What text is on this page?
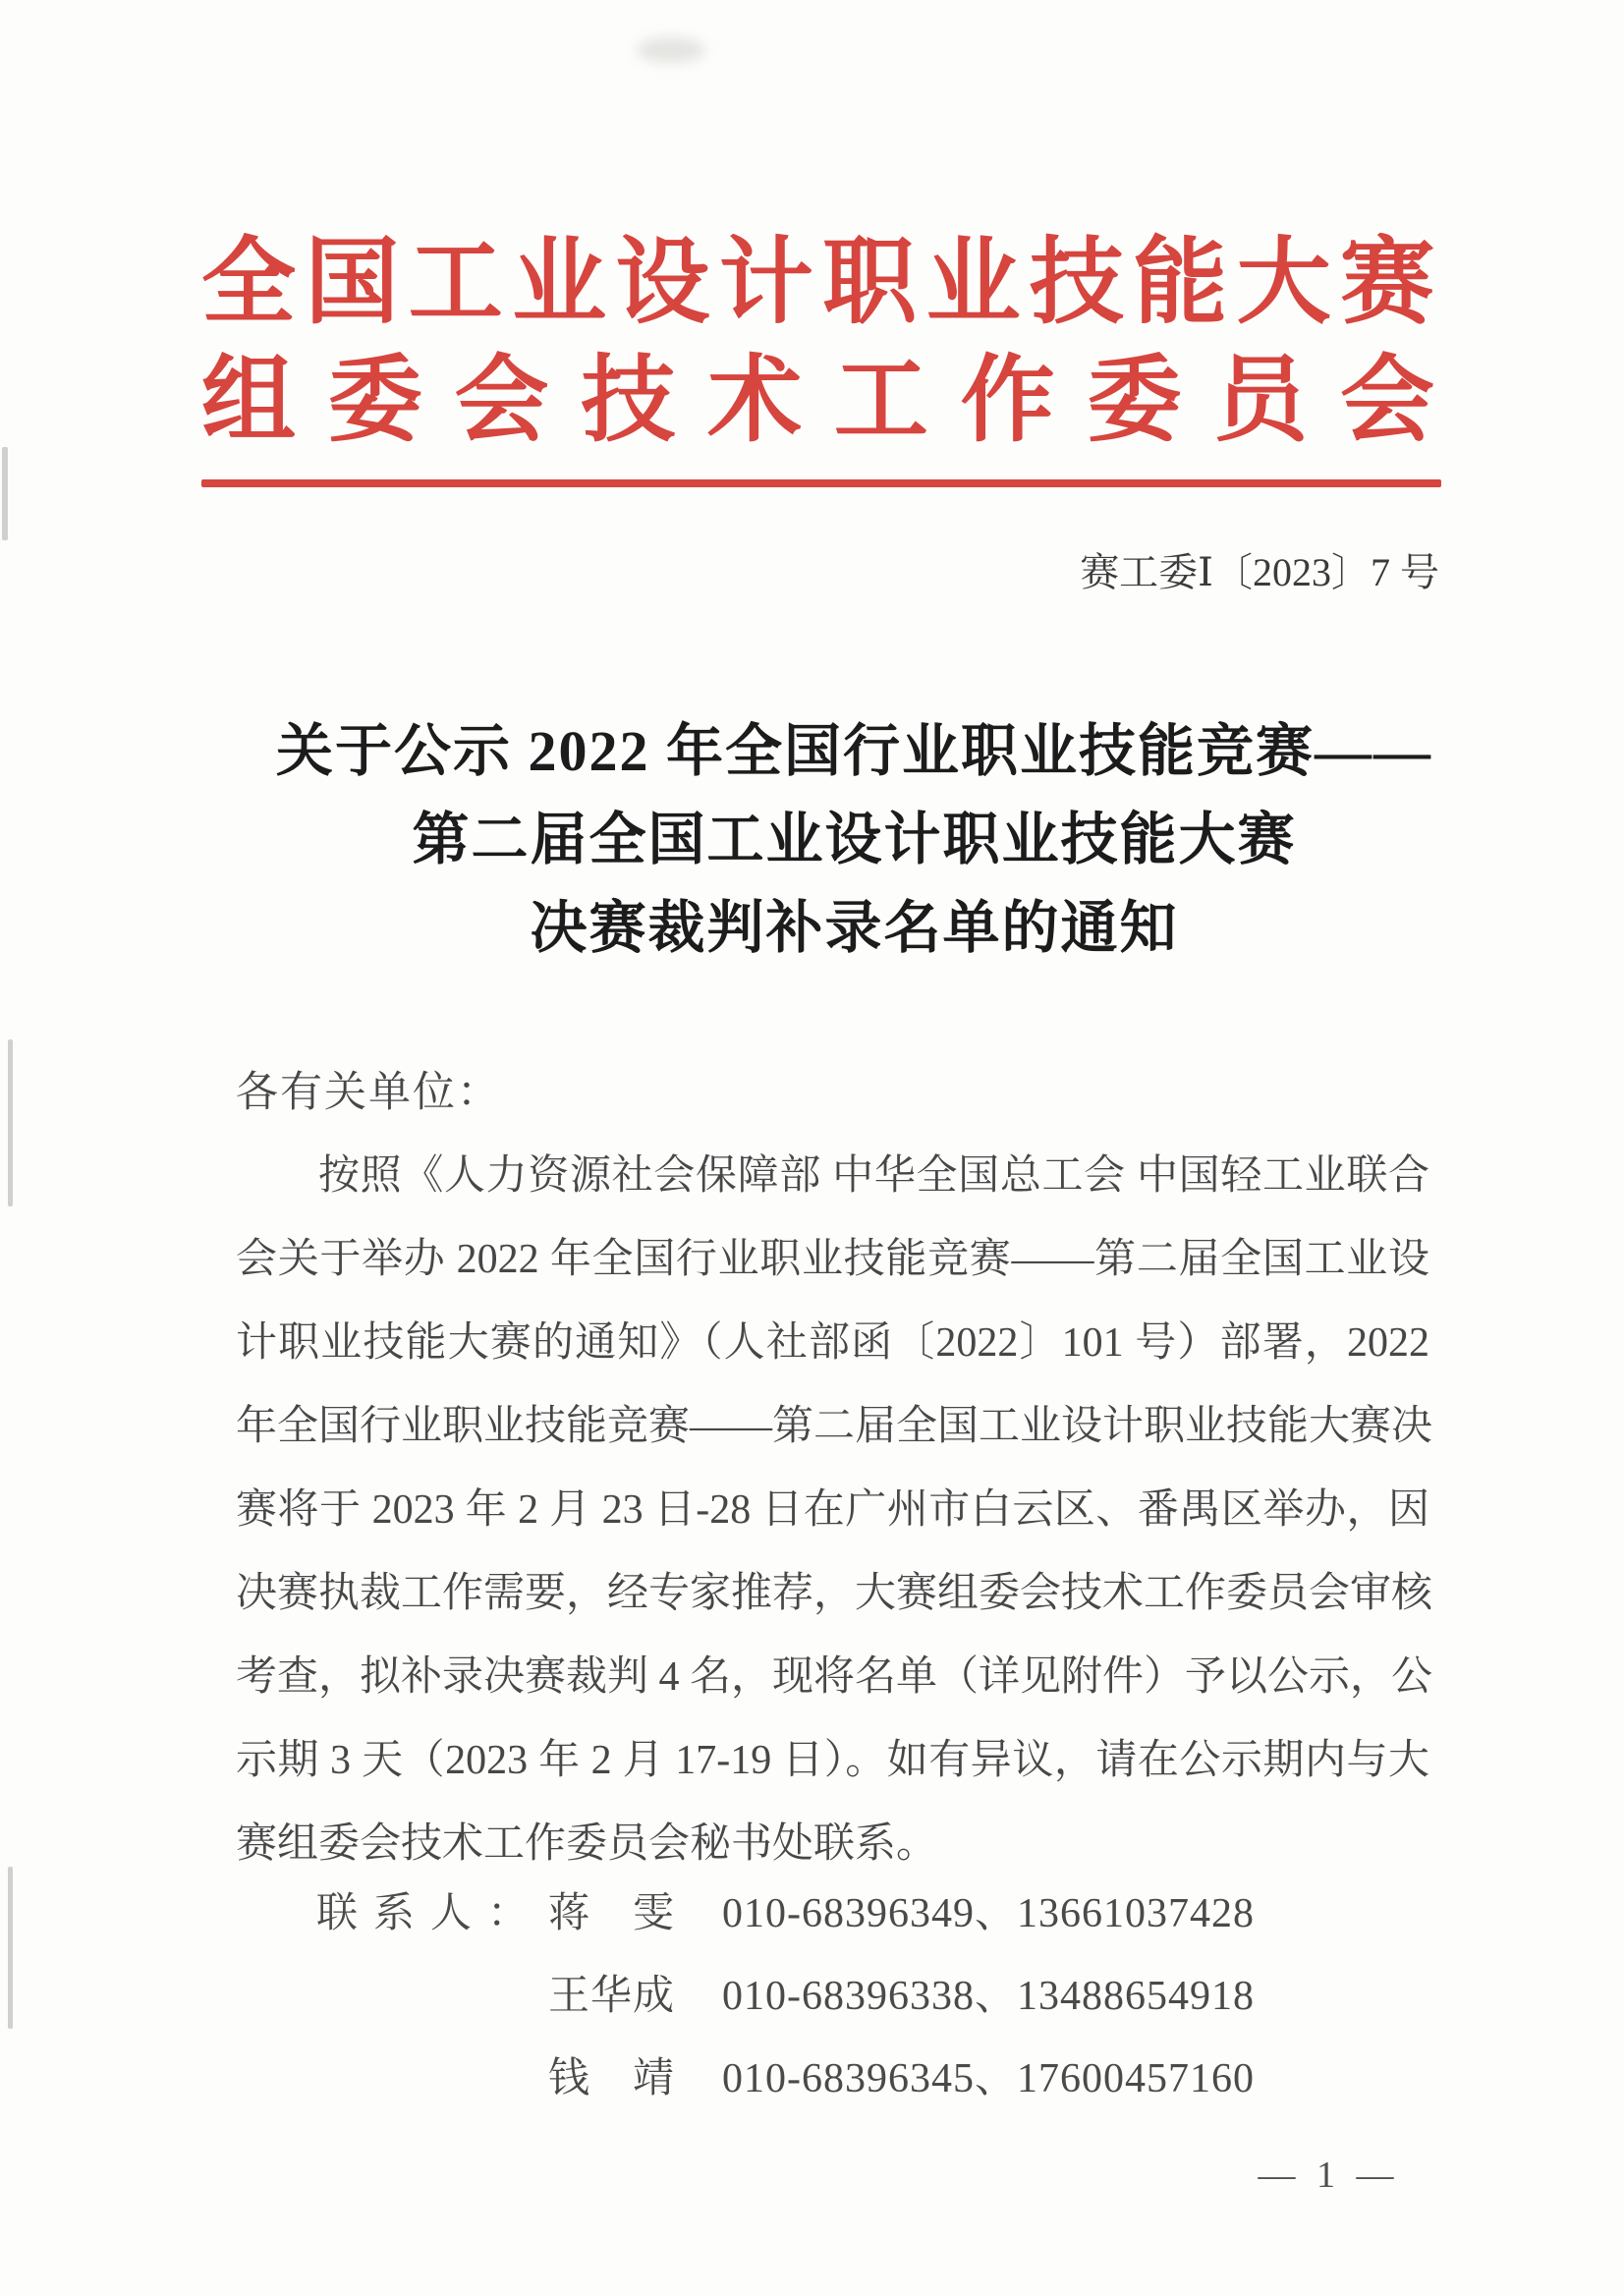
全国工业设计职业技能大赛
组委会技术工作委员会
赛工委Ⅰ〔2023〕7 号
关于公示 2022 年全国行业职业技能竞赛——
第二届全国工业设计职业技能大赛
决赛裁判补录名单的通知
各有关单位：
按照《人力资源社会保障部 中华全国总工会 中国轻工业联合
会关于举办 2022 年全国行业职业技能竞赛——第二届全国工业设
计职业技能大赛的通知》（人社部函〔2022〕101 号）部署，2022
年全国行业职业技能竞赛——第二届全国工业设计职业技能大赛决
赛将于 2023 年 2 月 23 日-28 日在广州市白云区、番禺区举办，因
决赛执裁工作需要，经专家推荐，大赛组委会技术工作委员会审核
考查，拟补录决赛裁判 4 名，现将名单（详见附件）予以公示，公
示期 3 天（2023 年 2 月 17-19 日）。如有异议，请在公示期内与大
赛组委会技术工作委员会秘书处联系。
联系人： 蒋雯 010-68396349、13661037428
王华成 010-68396338、13488654918
钱靖 010-68396345、17600457160
— 1 —
